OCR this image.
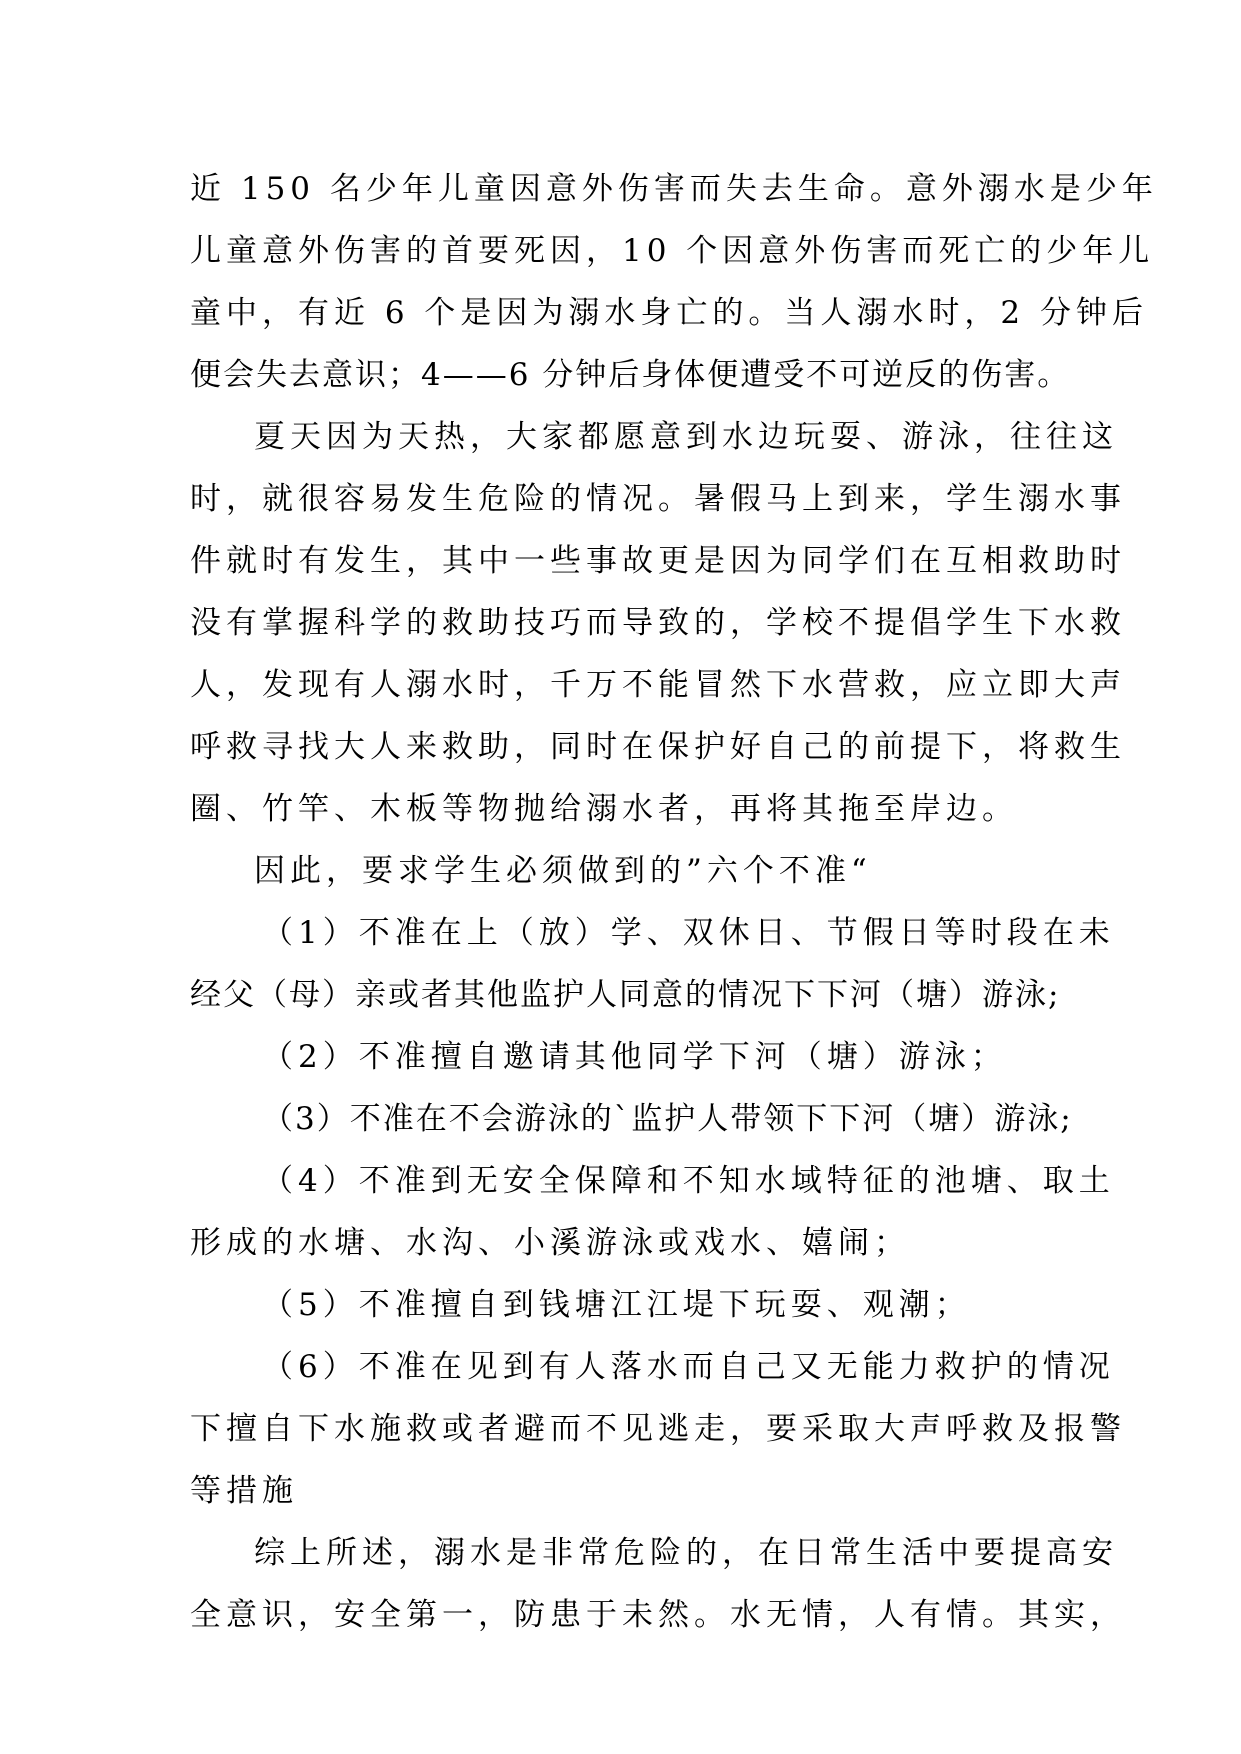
近 150 名少年儿童因意外伤害而失去生命。意外溺水是少年
儿童意外伤害的首要死因，10 个因意外伤害而死亡的少年儿
童中，有近 6 个是因为溺水身亡的。当人溺水时，2 分钟后
便会失去意识；4——6 分钟后身体便遭受不可逆反的伤害。
夏天因为天热，大家都愿意到水边玩耍、游泳，往往这
时，就很容易发生危险的情况。暑假马上到来，学生溺水事
件就时有发生，其中一些事故更是因为同学们在互相救助时
没有掌握科学的救助技巧而导致的，学校不提倡学生下水救
人，发现有人溺水时，千万不能冒然下水营救，应立即大声
呼救寻找大人来救助，同时在保护好自己的前提下，将救生
圈、竹竿、木板等物抛给溺水者，再将其拖至岸边。
因此，要求学生必须做到的”六个不准“
（1）不准在上（放）学、双休日、节假日等时段在未
经父（母）亲或者其他监护人同意的情况下下河（塘）游泳;
（2）不准擅自邀请其他同学下河（塘）游泳；
（3）不准在不会游泳的`监护人带领下下河（塘）游泳;
（4）不准到无安全保障和不知水域特征的池塘、取土
形成的水塘、水沟、小溪游泳或戏水、嬉闹；
（5）不准擅自到钱塘江江堤下玩耍、观潮；
（6）不准在见到有人落水而自己又无能力救护的情况
下擅自下水施救或者避而不见逃走，要采取大声呼救及报警
等措施
综上所述，溺水是非常危险的，在日常生活中要提高安
全意识，安全第一，防患于未然。水无情，人有情。其实，
